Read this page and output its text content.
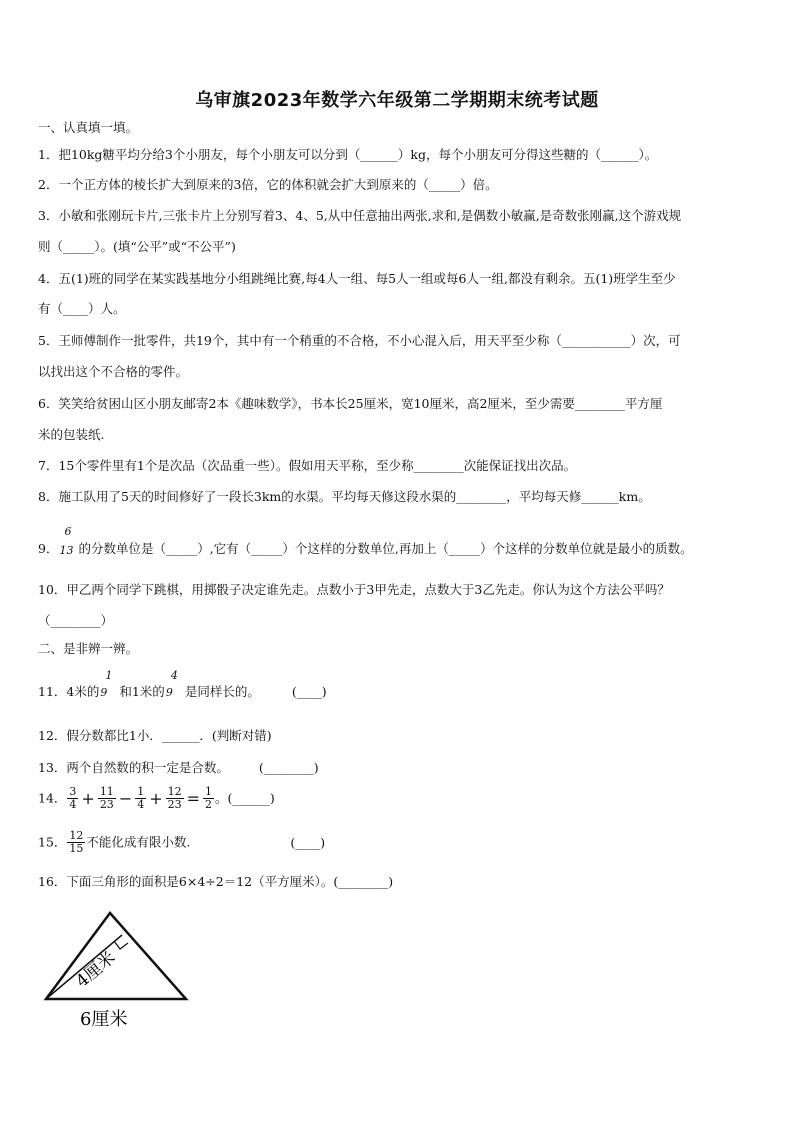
乌审旗2023年数学六年级第二学期期末统考试题
一、认真填一填。
1．把10kg糖平均分给3个小朋友，每个小朋友可以分到（______）kg，每个小朋友可分得这些糖的（______）。
2．一个正方体的棱长扩大到原来的3倍，它的体积就会扩大到原来的（_____）倍。
3．小敏和张刚玩卡片,三张卡片上分别写着3、4、5,从中任意抽出两张,求和,是偶数小敏赢,是奇数张刚赢,这个游戏规
则（_____）。(填“公平”或“不公平”)
4．五(1)班的同学在某实践基地分小组跳绳比赛,每4人一组、每5人一组或每6人一组,都没有剩余。五(1)班学生至少
有（____）人。
5．王师傅制作一批零件，共19个，其中有一个稍重的不合格，不小心混入后，用天平至少称（___________）次，可
以找出这个不合格的零件。
6．笑笑给贫困山区小朋友邮寄2本《趣味数学》，书本长25厘米，宽10厘米，高2厘米，至少需要________平方厘
米的包装纸.
7．15个零件里有1个是次品（次品重一些）。假如用天平称，至少称________次能保证找出次品。
8．施工队用了5天的时间修好了一段长3km的水渠。平均每天修这段水渠的________，平均每天修______km。
9．
6
13 的分数单位是（_____）,它有（_____）个这样的分数单位,再加上（_____）个这样的分数单位就是最小的质数。
10．甲乙两个同学下跳棋，用掷骰子决定谁先走。点数小于3甲先走，点数大于3乙先走。你认为这个方法公平吗？
（________）
二、是非辨一辨。
11．4米的
1
9 和1米的
4
9 是同样长的。	(____)
12．假分数都比1小．______．(判断对错)
13．两个自然数的积一定是合数。 (________)
14． $\frac{3}{4} + \frac{11}{23} - \frac{1}{4} + \frac{12}{23} = \frac{1}{2}$ 。(______)
15． $\frac{12}{15}$ 不能化成有限小数.	(____)
16．下面三角形的面积是6×4÷2＝12（平方厘米）。(________)
4厘米
6厘米
